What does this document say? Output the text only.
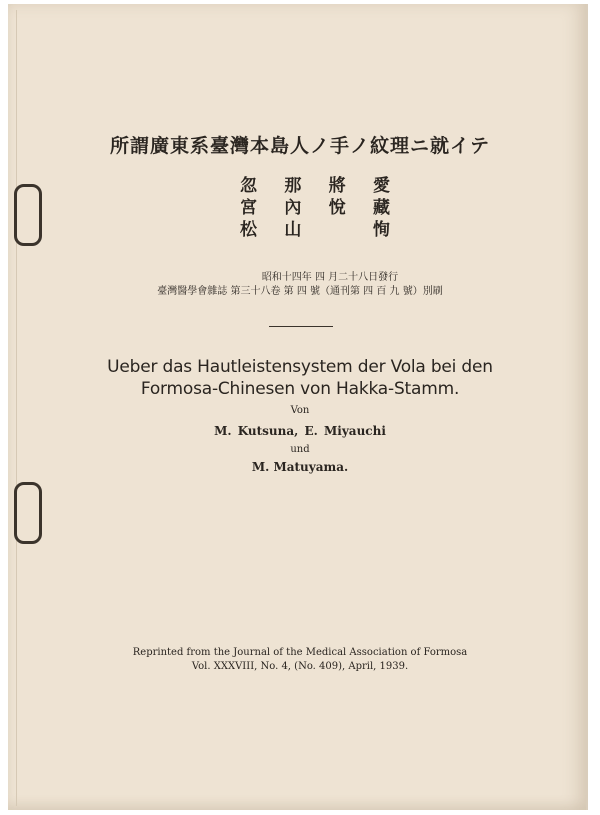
所謂廣東系臺灣本島人ノ手ノ紋理ニ就イテ
忽 那 將 愛
宮 內 悅 藏
松 山	恂
昭和十四年 四 月二十八日發行
臺灣醫學會雜誌 第三十八卷 第 四 號（通刊第 四 百 九 號）別刷
Ueber das Hautleistensystem der Vola bei den
Formosa-Chinesen von Hakka-Stamm.
Von
M. Kutsuna, E. Miyauchi
und
M. Matuyama.
Reprinted from the Journal of the Medical Association of Formosa
Vol. XXXVIII, No. 4, (No. 409), April, 1939.
